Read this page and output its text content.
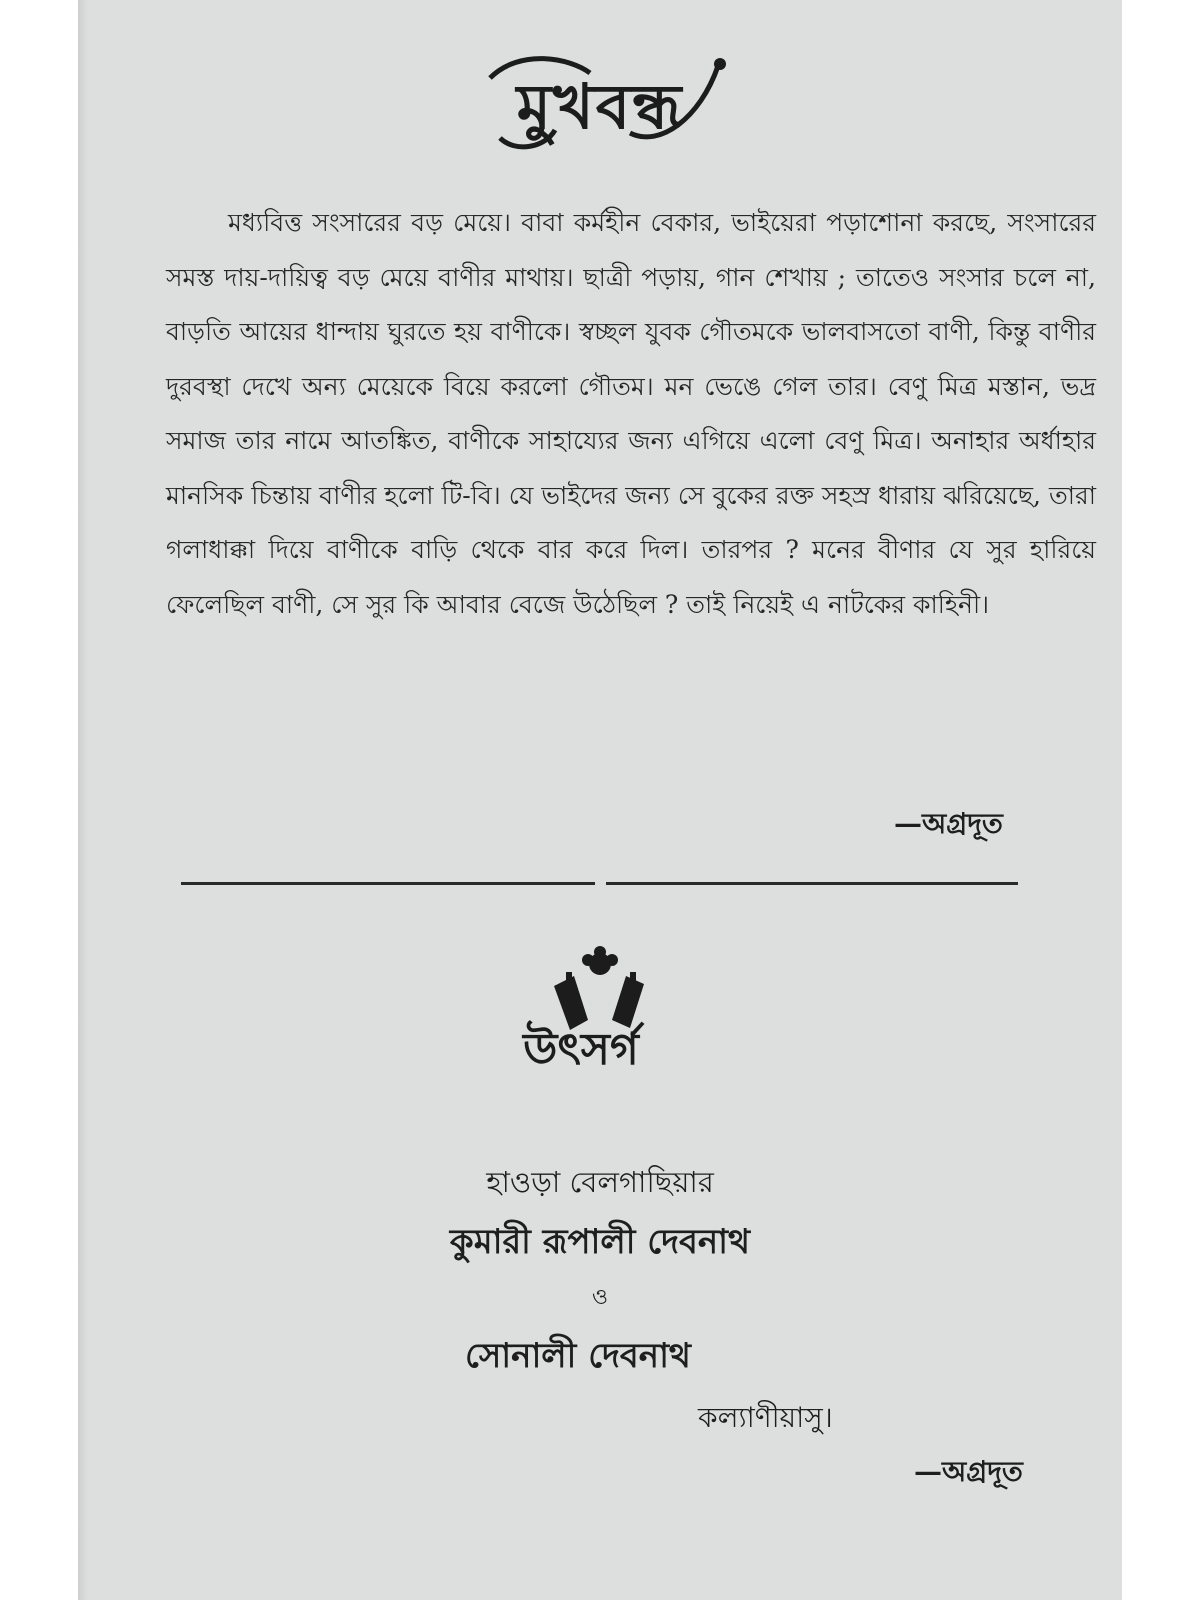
মুখবন্ধ

মধ্যবিত্ত সংসারের বড় মেয়ে। বাবা কর্মহীন বেকার, ভাইয়েরা পড়াশোনা করছে, সংসারের সমস্ত দায়-দায়িত্ব বড় মেয়ে বাণীর মাথায়। ছাত্রী পড়ায়, গান শেখায় ; তাতেও সংসার চলে না, বাড়তি আয়ের ধান্দায় ঘুরতে হয় বাণীকে। স্বচ্ছল যুবক গৌতমকে ভালবাসতো বাণী, কিন্তু বাণীর দুরবস্থা দেখে অন্য মেয়েকে বিয়ে করলো গৌতম। মন ভেঙে গেল তার। বেণু মিত্র মস্তান, ভদ্র সমাজ তার নামে আতঙ্কিত, বাণীকে সাহায্যের জন্য এগিয়ে এলো বেণু মিত্র। অনাহার অর্ধাহার মানসিক চিন্তায় বাণীর হলো টি-বি। যে ভাইদের জন্য সে বুকের রক্ত সহস্র ধারায় ঝরিয়েছে, তারা গলাধাক্কা দিয়ে বাণীকে বাড়ি থেকে বার করে দিল। তারপর ? মনের বীণার যে সুর হারিয়ে ফেলেছিল বাণী, সে সুর কি আবার বেজে উঠেছিল ? তাই নিয়েই এ নাটকের কাহিনী।

—অগ্রদূত
উৎসর্গ
হাওড়া বেলগাছিয়ার
কুমারী রূপালী দেবনাথ
ও
সোনালী দেবনাথ
কল্যাণীয়াসু।
—অগ্রদূত
